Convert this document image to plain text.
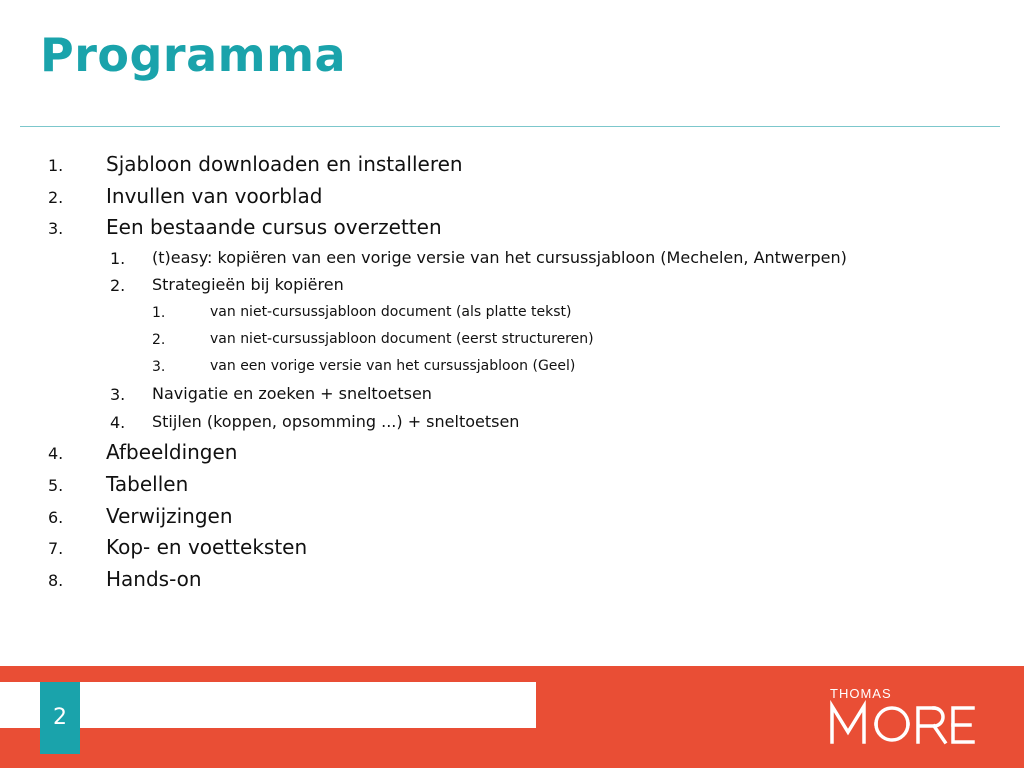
Programma
1. Sjabloon downloaden en installeren
2. Invullen van voorblad
3. Een bestaande cursus overzetten
1. (t)easy: kopiëren van een vorige versie van het cursussjabloon (Mechelen, Antwerpen)
2. Strategieën bij kopiëren
1.	van niet-cursussjabloon document (als platte tekst)
2.	van niet-cursussjabloon document (eerst structureren)
3.	van een vorige versie van het cursussjabloon (Geel)
3. Navigatie en zoeken + sneltoetsen
4. Stijlen (koppen, opsomming ...) + sneltoetsen
4. Afbeeldingen
5. Tabellen
6. Verwijzingen
7. Kop- en voetteksten
8. Hands-on
2
THOMAS
